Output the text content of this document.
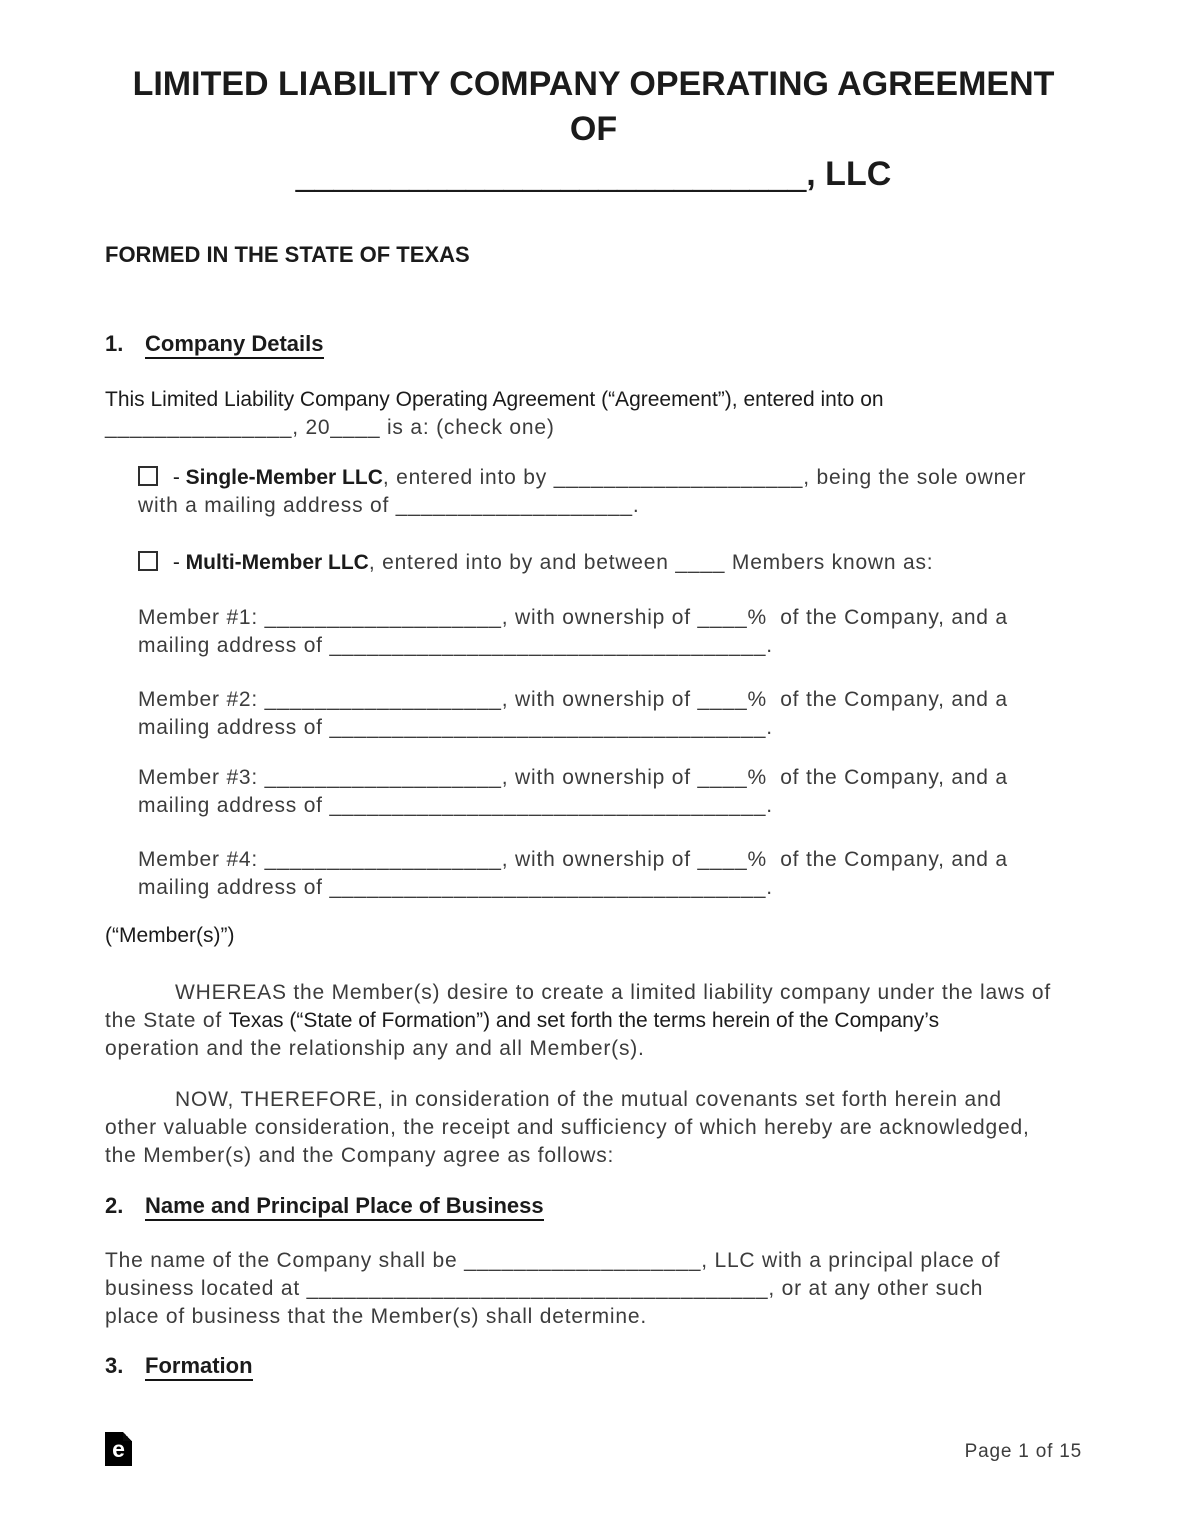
LIMITED LIABILITY COMPANY OPERATING AGREEMENT
OF
___________________________, LLC
FORMED IN THE STATE OF TEXAS
1. Company Details
This Limited Liability Company Operating Agreement (“Agreement”), entered into on
_______________, 20____ is a: (check one)
- Single-Member LLC, entered into by ____________________, being the sole owner
with a mailing address of ___________________.
- Multi-Member LLC, entered into by and between ____ Members known as:
Member #1: ___________________, with ownership of ____%  of the Company, and a
mailing address of ___________________________________.
Member #2: ___________________, with ownership of ____%  of the Company, and a
mailing address of ___________________________________.
Member #3: ___________________, with ownership of ____%  of the Company, and a
mailing address of ___________________________________.
Member #4: ___________________, with ownership of ____%  of the Company, and a
mailing address of ___________________________________.
(“Member(s)”)
WHEREAS the Member(s) desire to create a limited liability company under the laws of
the State of Texas (“State of Formation”) and set forth the terms herein of the Company’s
operation and the relationship any and all Member(s).
NOW, THEREFORE, in consideration of the mutual covenants set forth herein and
other valuable consideration, the receipt and sufficiency of which hereby are acknowledged,
the Member(s) and the Company agree as follows:
2. Name and Principal Place of Business
The name of the Company shall be ___________________, LLC with a principal place of
business located at _____________________________________, or at any other such
place of business that the Member(s) shall determine.
3. Formation
e	Page 1 of 15
